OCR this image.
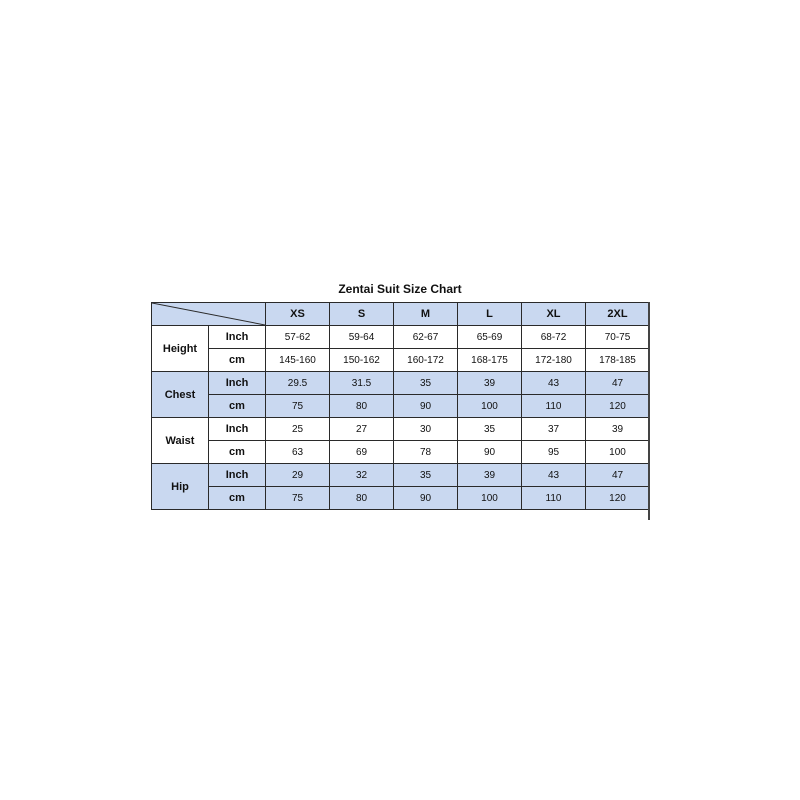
Zentai Suit Size Chart
	XS	S	M	L	XL	2XL
Height	Inch	57-62	59-64	62-67	65-69	68-72	70-75
	cm	145-160	150-162	160-172	168-175	172-180	178-185
Chest	Inch	29.5	31.5	35	39	43	47
	cm	75	80	90	100	110	120
Waist	Inch	25	27	30	35	37	39
	cm	63	69	78	90	95	100
Hip	Inch	29	32	35	39	43	47
	cm	75	80	90	100	110	120
